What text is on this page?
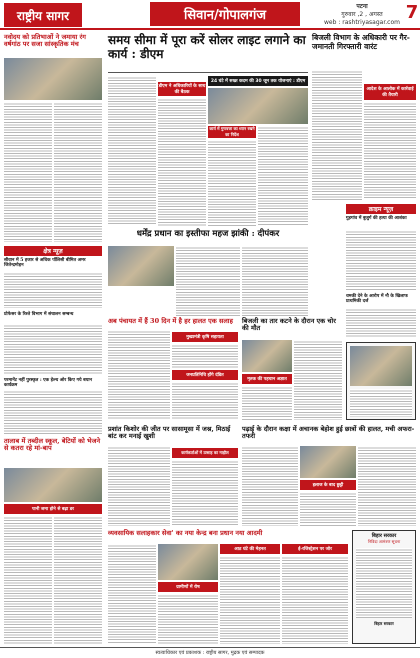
राष्ट्रीय सागर	सिवान/गोपालगंज
पटना
गुरुवार ,2 , अगस्त
web : rashtriyasagar.com 7
नवोदय को प्रतिभाओं ने जमाया रंग वर्षगांठ पर सजा सांस्कृतिक मंच	समय सीमा में पूरा करें सोलर लाइट लगाने का कार्य : डीएम
डीएम ने अधिकारियों के साथ की बैठक
24 घंटे में सख्त कदम की 30 जून तक योजनाएं : डीएम
कार्य में गुणवत्ता का ध्यान रखने का निर्देश
बिजली विभाग के अधिकारी पर गैर-जमानती गिरफ्तारी वारंट
आदेश के आलोक में कार्रवाई की तैयारी
धर्मेंद्र प्रधान का इस्तीफा महज झांकी : दीपंकर
क्षेत्र न्यूज़
सीवान में 5 हजार से अधिक पॉलिसी बीमित अमर जितेन्द्रमोहन
प्रोफेसर के रिश्ते विभाग में संचालन सम्बन्ध
परमानेंट नहीं पुरस्कृत : एक हेल्थ ओर किए गये बयान कार्यक्रम
अब पंचायत में हैं 30 दिन में है हर हालत एक सलाह
मुख्यमंत्री कृषि सहायता
जनप्रतिनिधि होंगे दंडित
बिजली का तार कटने के दौरान एक चोर की मौत
मृतक की पहचान अज्ञात
क्राइम न्यूज़
गुड़गांव में बुजुर्ग की हत्या की आशंका
धमकी देने के आरोप में नौ के खिलाफ प्राथमिकी दर्ज
तालाब में तब्दील स्कूल, बेटियों को भेजने से कतरा रहे मां-बाप
पानी जमा होने से बढ़ा डर
प्रशांत किशोर की जीत पर सासामूसा में जश्न, मिठाई बांट कर मनाई खुशी
कार्यकर्ताओं में उत्साह का माहौल
पढ़ाई के दौरान कक्षा में अचानक बेहोश हुई छात्रों की हालत, मची अफरा-तफरी
इलाज के बाद छुट्टी
व्यवसायिक सलाहकार सेवा' का नया केन्द्र बना प्रधान नया आदमी
ग्रामीणों में रोष
आठ घंटे की मेहनत	ई-रजिस्ट्रेशन पर जोर
बिहार सरकार
निविदा आमंत्रण सूचना
बिहार सरकार
स्वत्वाधिकार एवं प्रकाशक : राष्ट्रीय सागर, मुद्रक एवं सम्पादक
